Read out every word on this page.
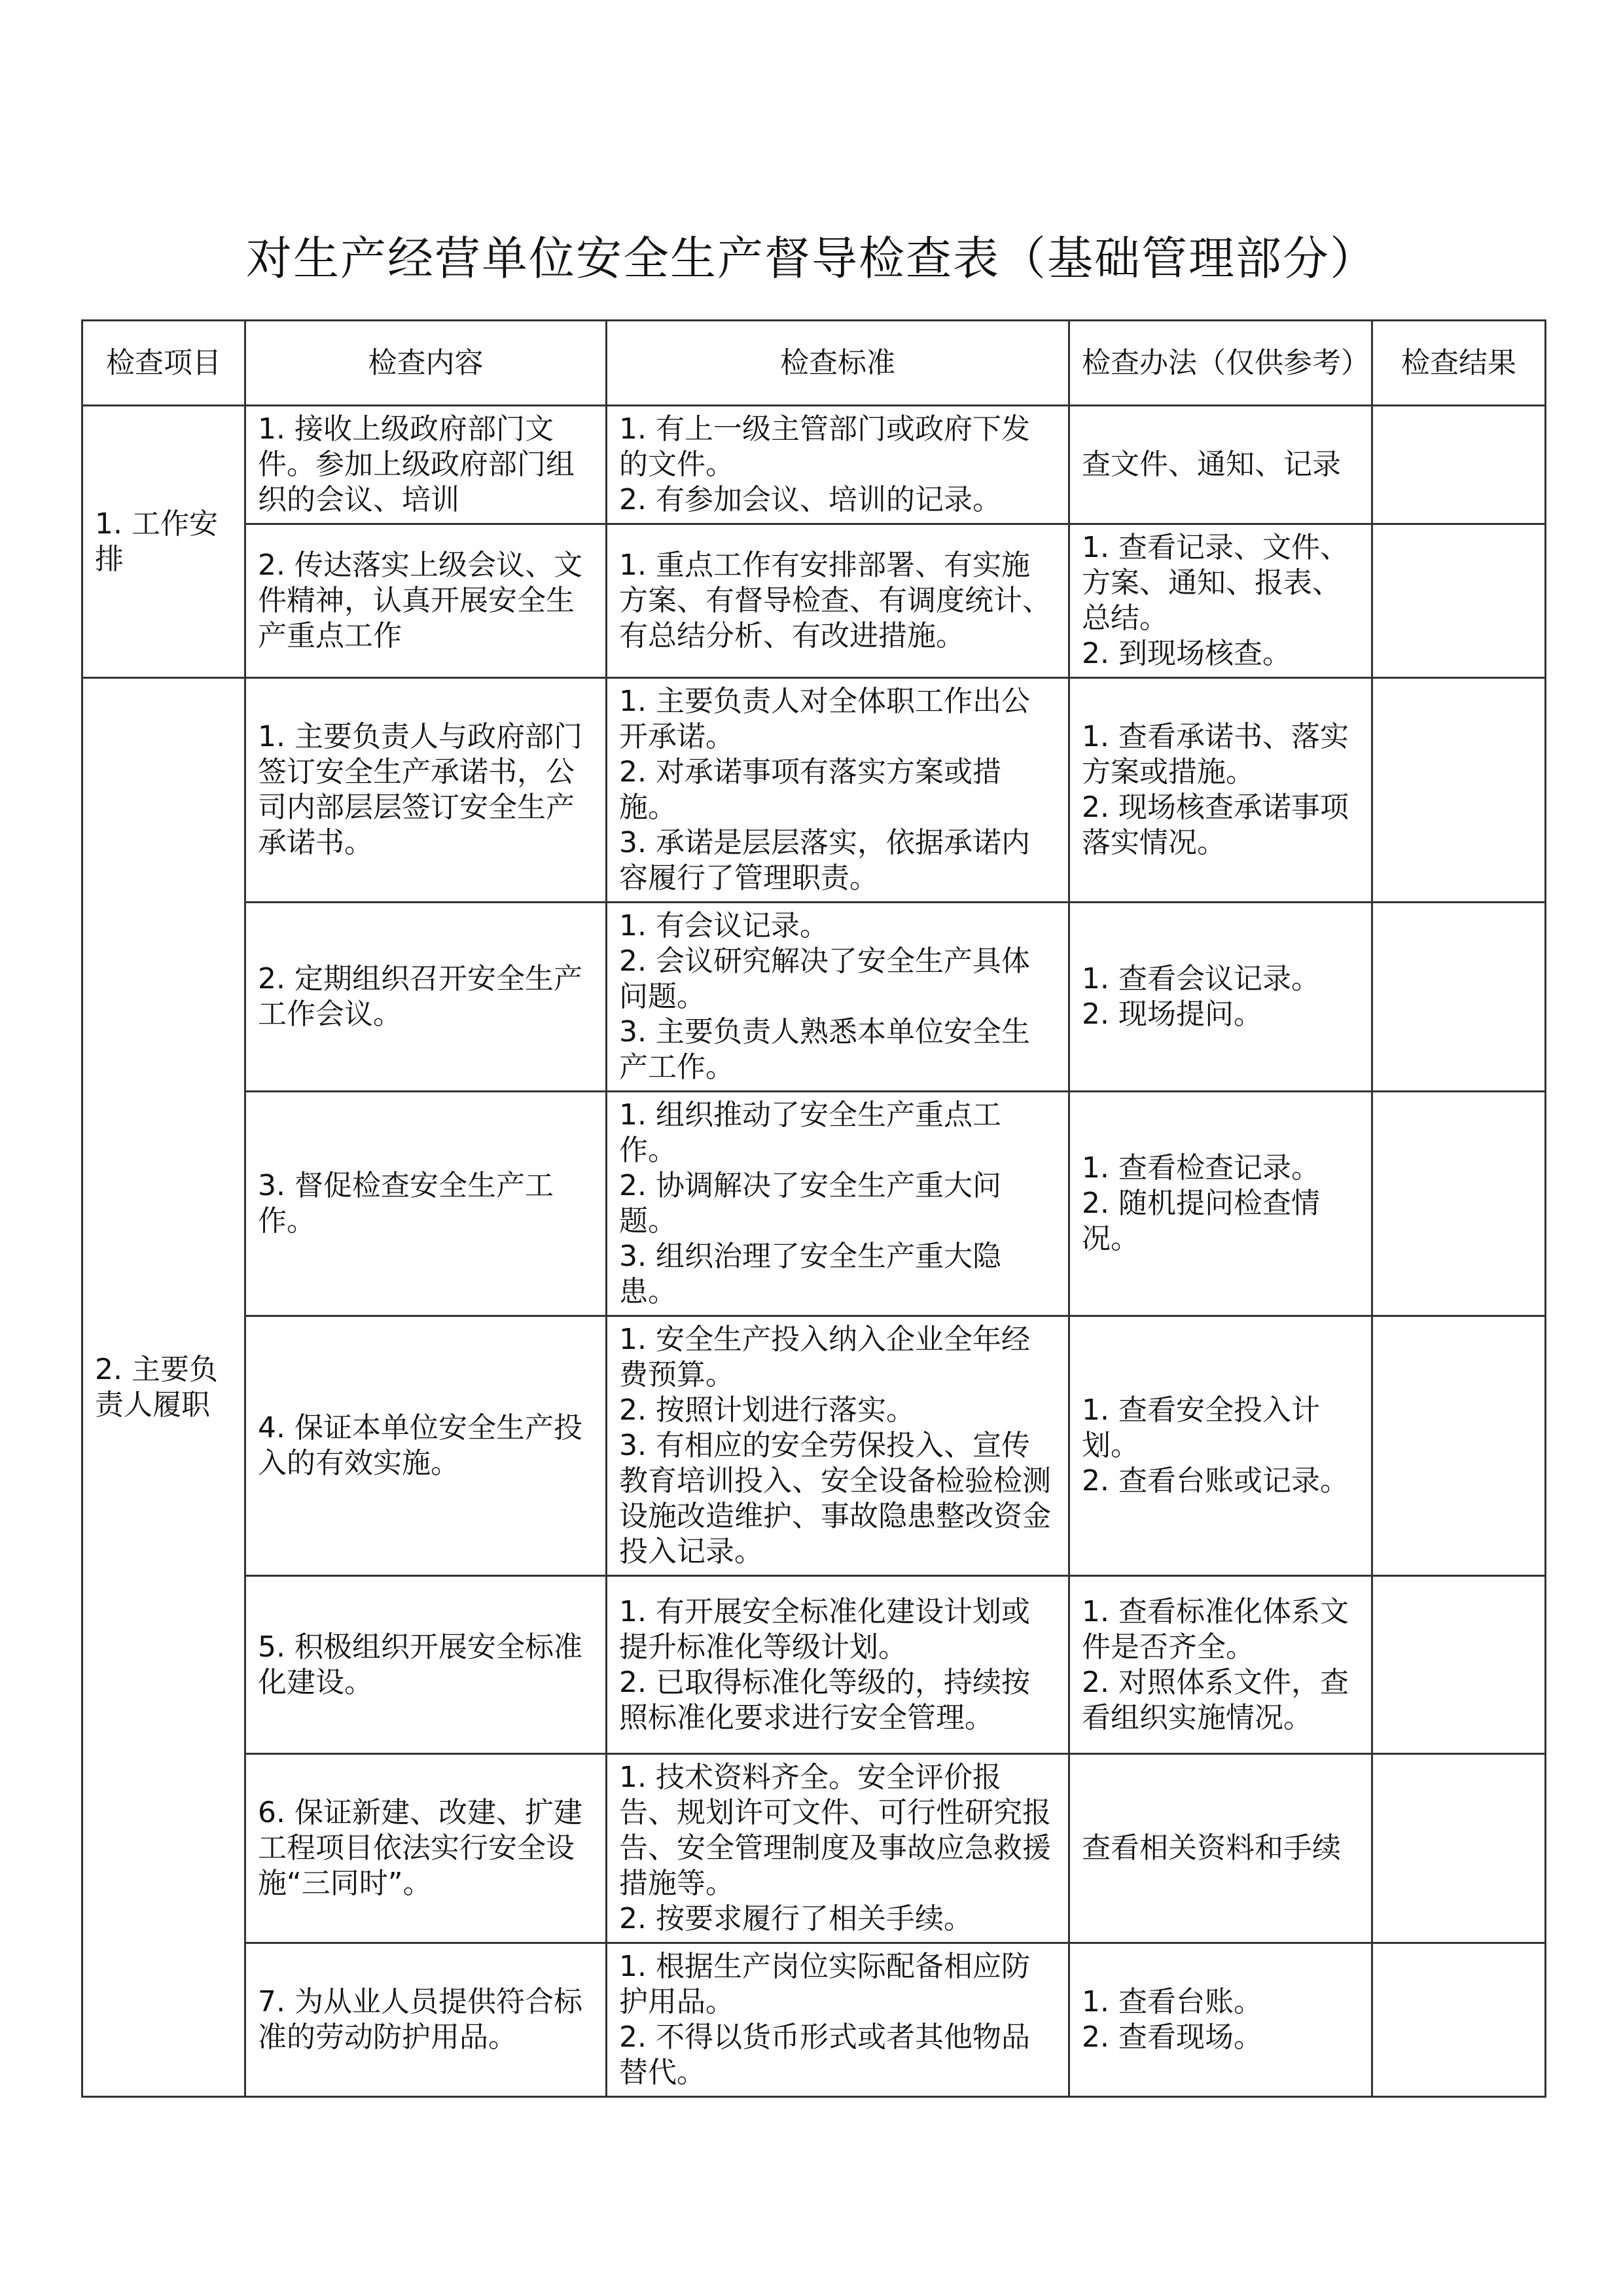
对生产经营单位安全生产督导检查表（基础管理部分）
检查项目	检查内容	检查标准	检查办法（仅供参考）	检查结果
1. 工作安排	1. 接收上级政府部门文件。参加上级政府部门组织的会议、培训	1. 有上一级主管部门或政府下发的文件。
2. 有参加会议、培训的记录。	查文件、通知、记录	

	2. 传达落实上级会议、文件精神，认真开展安全生产重点工作	1. 重点工作有安排部署、有实施方案、有督导检查、有调度统计、有总结分析、有改进措施。	1. 查看记录、文件、方案、通知、报表、总结。
2. 到现场核查。	

2. 主要负责人履职	1. 主要负责人与政府部门签订安全生产承诺书，公司内部层层签订安全生产承诺书。	1. 主要负责人对全体职工作出公开承诺。
2. 对承诺事项有落实方案或措施。
3. 承诺是层层落实，依据承诺内容履行了管理职责。	1. 查看承诺书、落实方案或措施。
2. 现场核查承诺事项落实情况。	

	2. 定期组织召开安全生产工作会议。	1. 有会议记录。
2. 会议研究解决了安全生产具体问题。
3. 主要负责人熟悉本单位安全生产工作。	1. 查看会议记录。
2. 现场提问。	

	3. 督促检查安全生产工作。	1. 组织推动了安全生产重点工作。
2. 协调解决了安全生产重大问题。
3. 组织治理了安全生产重大隐患。	1. 查看检查记录。
2. 随机提问检查情况。	

	4. 保证本单位安全生产投入的有效实施。	1. 安全生产投入纳入企业全年经费预算。
2. 按照计划进行落实。
3. 有相应的安全劳保投入、宣传教育培训投入、安全设备检验检测设施改造维护、事故隐患整改资金投入记录。	1. 查看安全投入计划。
2. 查看台账或记录。	

	5. 积极组织开展安全标准化建设。	1. 有开展安全标准化建设计划或提升标准化等级计划。
2. 已取得标准化等级的，持续按照标准化要求进行安全管理。	1. 查看标准化体系文件是否齐全。
2. 对照体系文件，查看组织实施情况。	

	6. 保证新建、改建、扩建工程项目依法实行安全设施“三同时”。	1. 技术资料齐全。安全评价报告、规划许可文件、可行性研究报告、安全管理制度及事故应急救援措施等。
2. 按要求履行了相关手续。	查看相关资料和手续	

	7. 为从业人员提供符合标准的劳动防护用品。	1. 根据生产岗位实际配备相应防护用品。
2. 不得以货币形式或者其他物品替代。	1. 查看台账。
2. 查看现场。	
